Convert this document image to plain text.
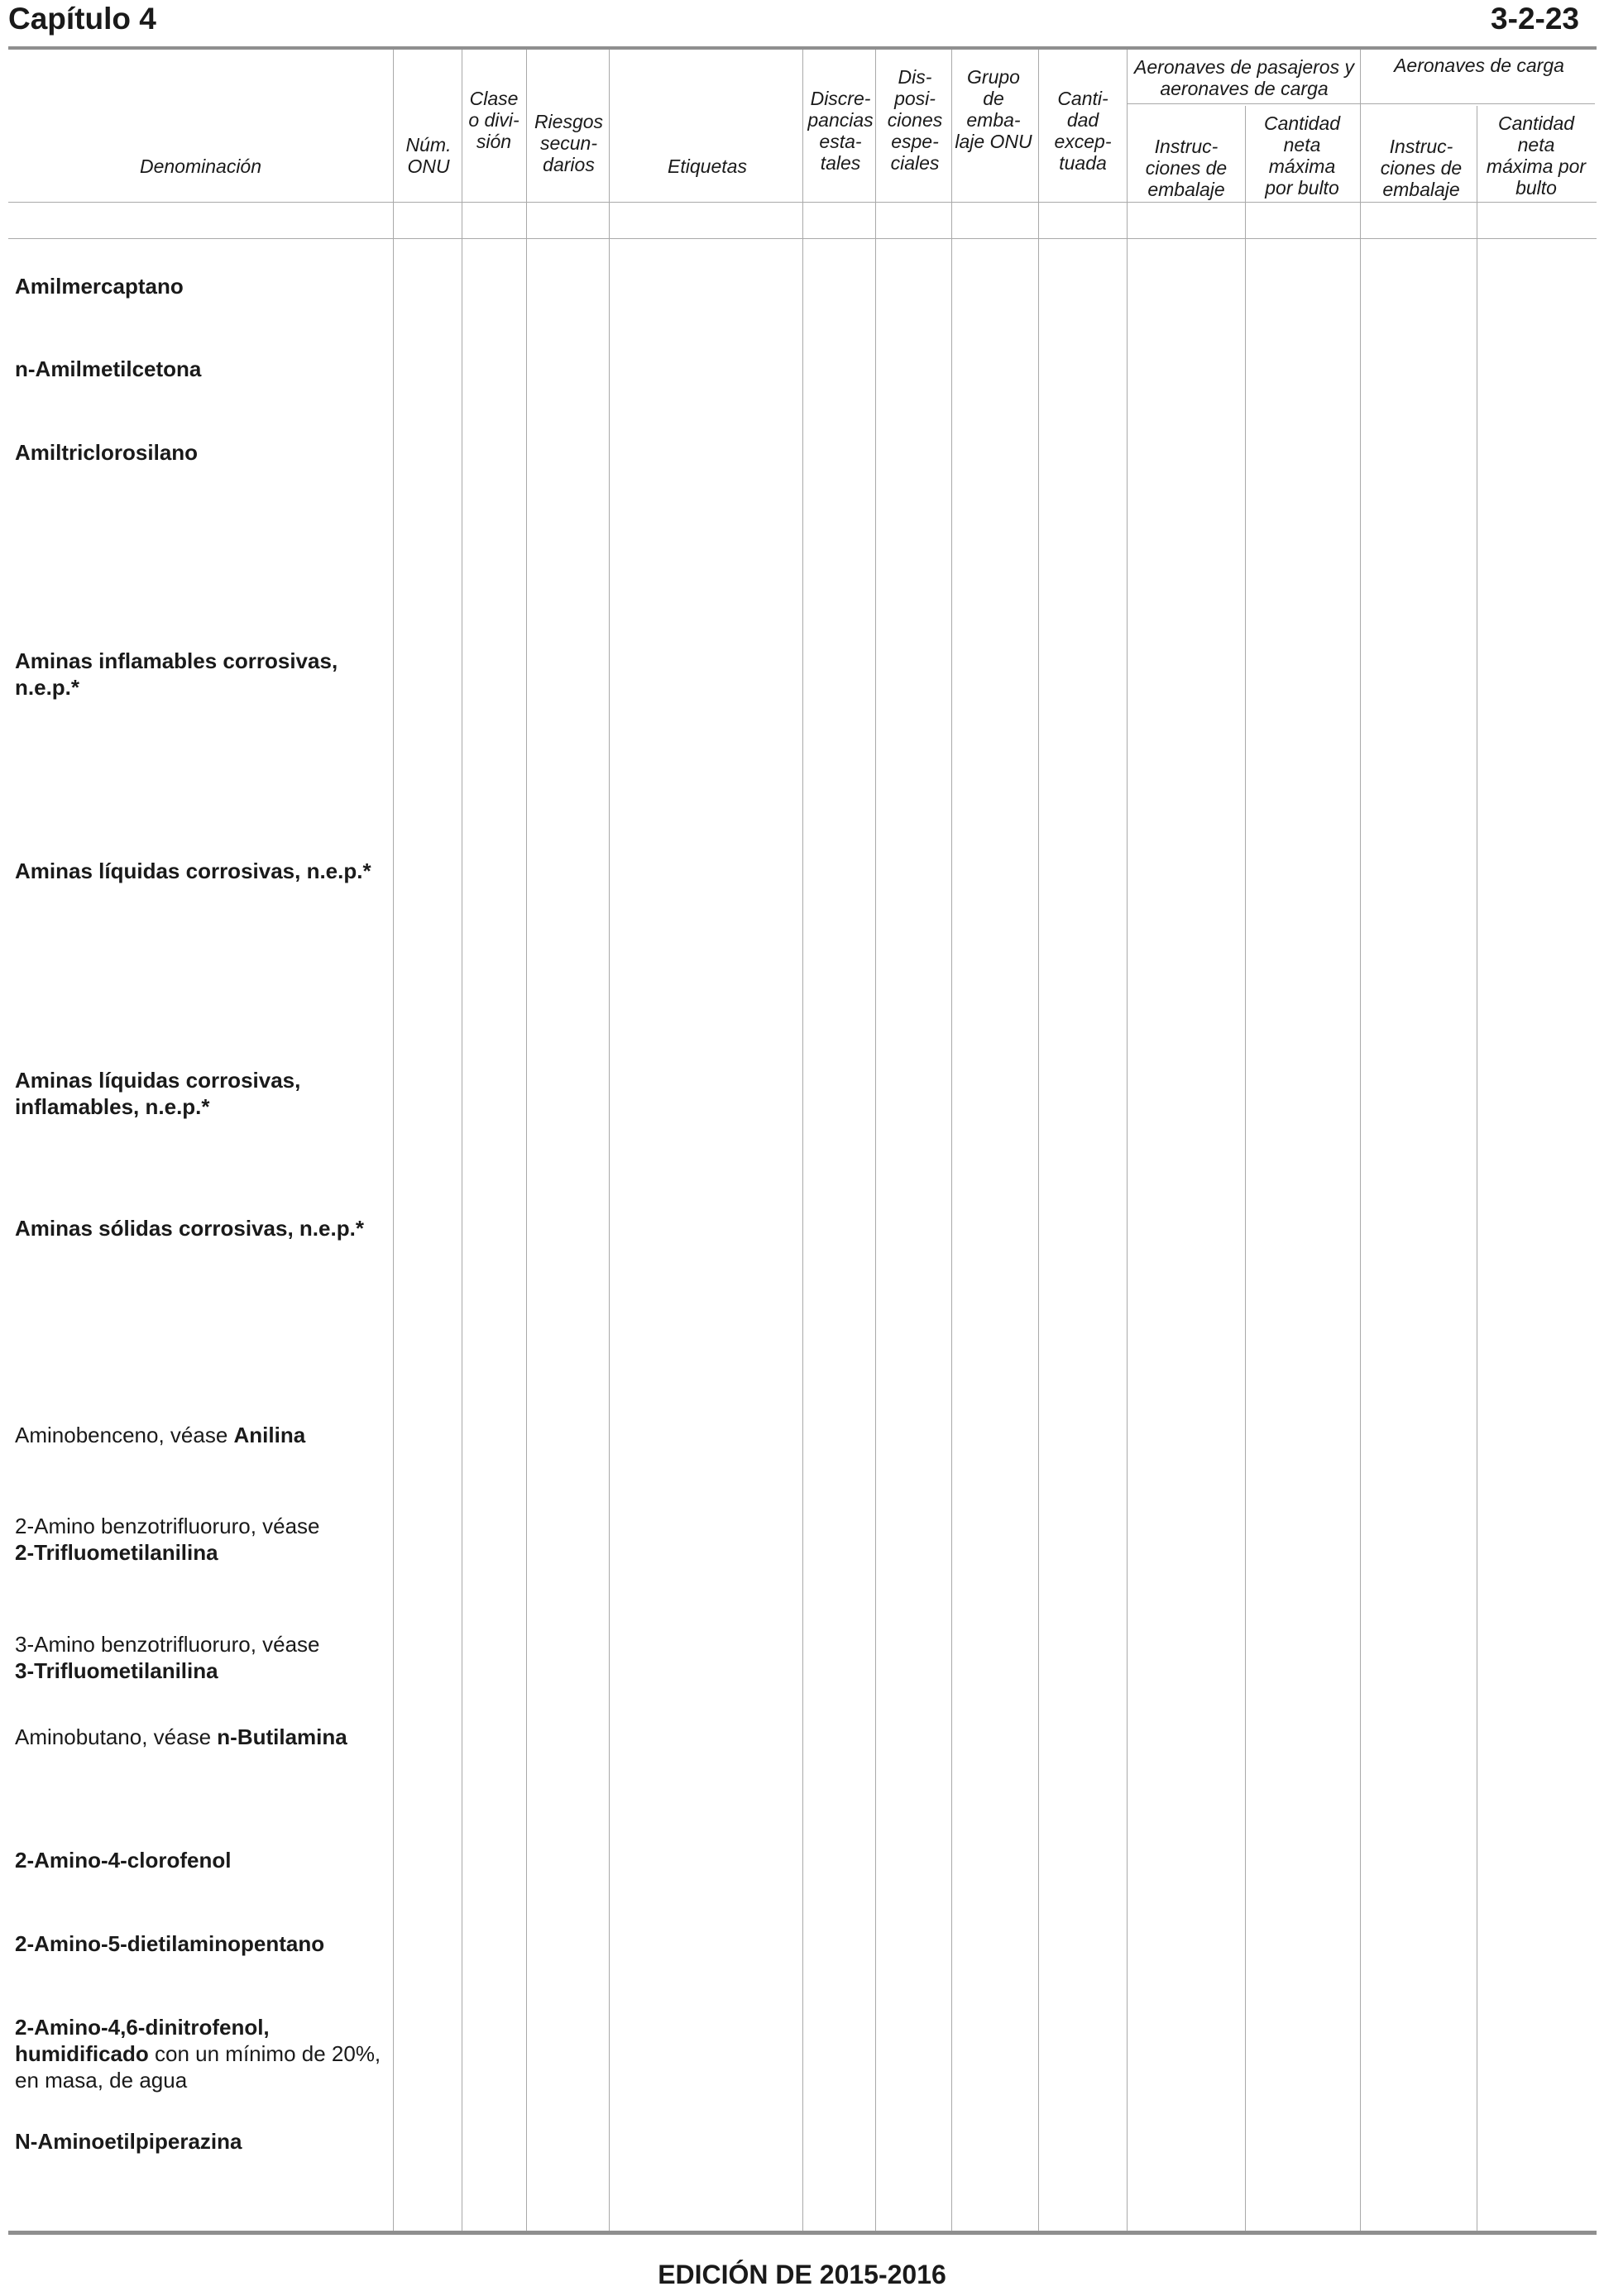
Capítulo 4	3-2-23
Denominación
Núm. ONU
Clase o divi- sión
Riesgos secun- darios	Etiquetas
Discre- pancias esta- tales
Dis- posi- ciones espe- ciales
Grupo de emba- laje ONU
Canti- dad excep- tuada
Aeronaves de pasajeros y aeronaves de carga
Aeronaves de carga
Instruc- ciones de embalaje
Cantidad neta máxima por bulto
Instruc- ciones de embalaje
Cantidad neta máxima por bulto
EDICIÓN DE 2015-2016
Amilmercaptano
n-Amilmetilcetona
Amiltriclorosilano
Aminas inflamables corrosivas, n.e.p.*
Aminas líquidas corrosivas, n.e.p.*
Aminas líquidas corrosivas, inflamables, n.e.p.*
Aminas sólidas corrosivas, n.e.p.*
Aminobenceno, véase Anilina
2-Amino benzotrifluoruro, véase
2-Trifluometilanilina
3-Amino benzotrifluoruro, véase
3-Trifluometilanilina
Aminobutano, véase n-Butilamina
2-Amino-4-clorofenol
2-Amino-5-dietilaminopentano
2-Amino-4,6-dinitrofenol, humidificado con un mínimo de 20%, en masa, de agua
N-Aminoetilpiperazina
